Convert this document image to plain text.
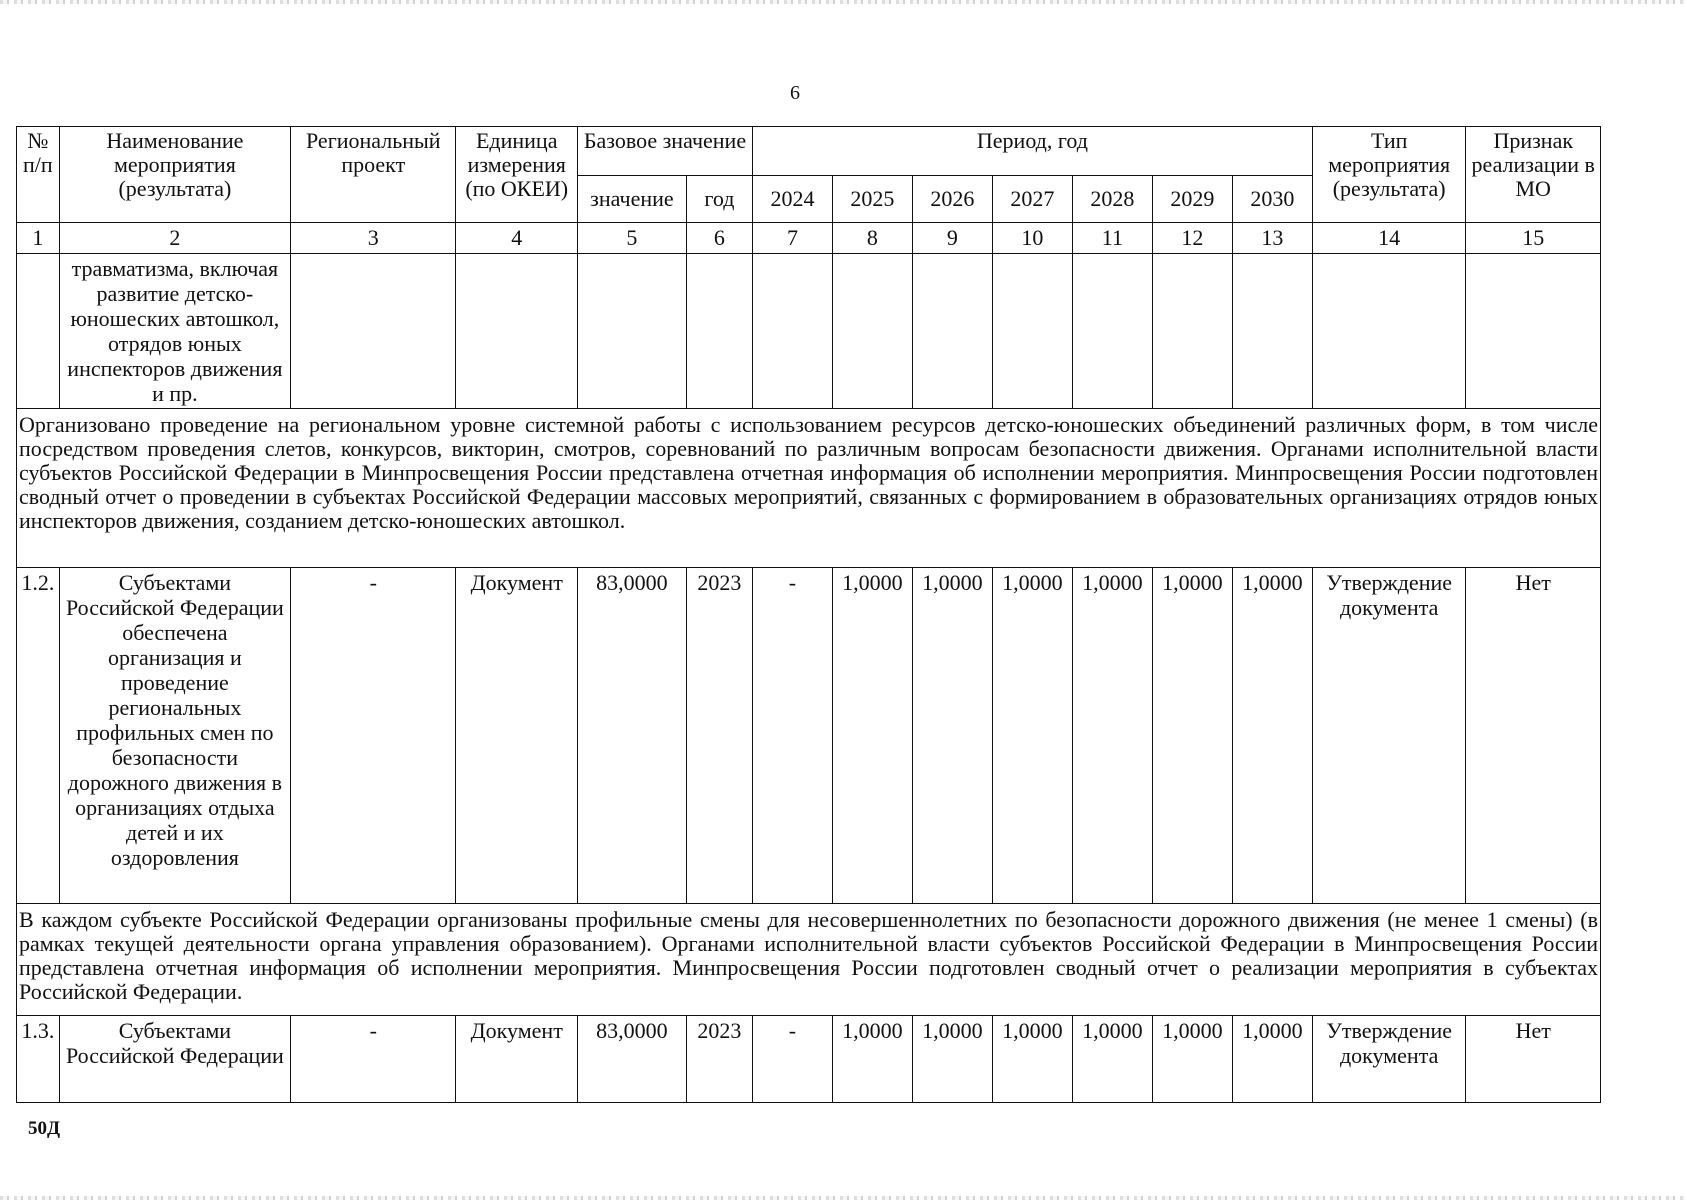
6
№ п/п	Наименование мероприятия (результата)	Региональный проект	Единица измерения (по ОКЕИ)	Базовое значение		Период, год							Тип мероприятия (результата)	Признак реализации в МО
				значение	год	2024	2025	2026	2027	2028	2029	2030		
1	2	3	4	5	6	7	8	9	10	11	12	13	14	15
	травматизма, включая развитие детско- юношеских автошкол, отрядов юных инспекторов движения и пр.													
Организовано проведение на региональном уровне системной работы с использованием ресурсов детско-юношеских объединений различных форм, в том числе посредством проведения слетов, конкурсов, викторин, смотров, соревнований по различным вопросам безопасности движения. Органами исполнительной власти субъектов Российской Федерации в Минпросвещения России представлена отчетная информация об исполнении мероприятия. Минпросвещения России подготовлен сводный отчет о проведении в субъектах Российской Федерации массовых мероприятий, связанных с формированием в образовательных организациях отрядов юных инспекторов движения, созданием детско-юношеских автошкол.														
1.2.	Субъектами Российской Федерации обеспечена организация и проведение региональных профильных смен по безопасности дорожного движения в организациях отдыха детей и их оздоровления	-	Документ	83,0000	2023	-	1,0000	1,0000	1,0000	1,0000	1,0000	1,0000	Утверждение документа	Нет
В каждом субъекте Российской Федерации организованы профильные смены для несовершеннолетних по безопасности дорожного движения (не менее 1 смены) (в рамках текущей деятельности органа управления образованием). Органами исполнительной власти субъектов Российской Федерации в Минпросвещения России представлена отчетная информация об исполнении мероприятия. Минпросвещения России подготовлен сводный отчет о реализации мероприятия в субъектах Российской Федерации.														
1.3.	Субъектами Российской Федерации	-	Документ	83,0000	2023	-	1,0000	1,0000	1,0000	1,0000	1,0000	1,0000	Утверждение документа	Нет
50Д
